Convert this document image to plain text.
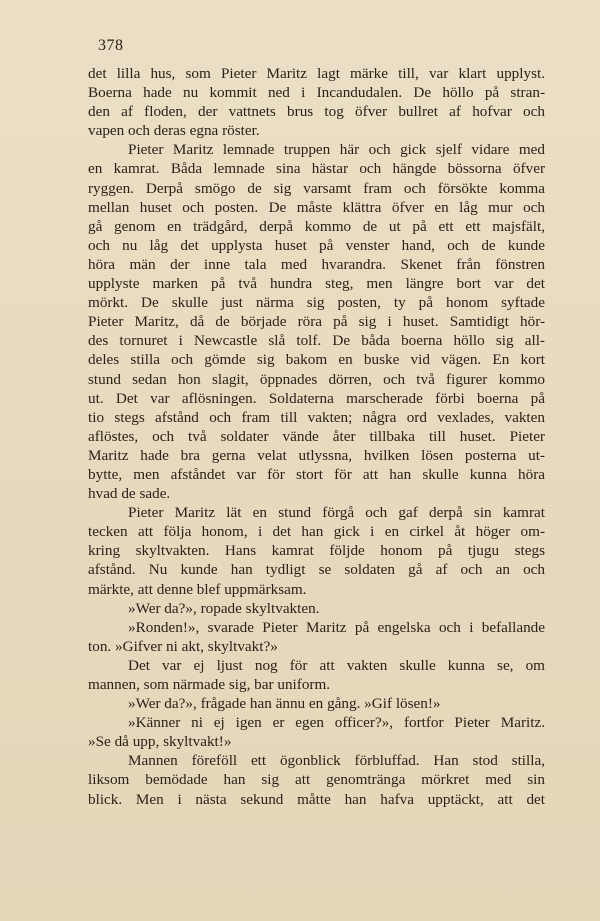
378
det lilla hus, som Pieter Maritz lagt märke till, var klart upplyst.
Boerna hade nu kommit ned i Incandudalen. De höllo på stran-
den af floden, der vattnets brus tog öfver bullret af hofvar och
vapen och deras egna röster.
Pieter Maritz lemnade truppen här och gick sjelf vidare med
en kamrat. Båda lemnade sina hästar och hängde bössorna öfver
ryggen. Derpå smögo de sig varsamt fram och försökte komma
mellan huset och posten. De måste klättra öfver en låg mur och
gå genom en trädgård, derpå kommo de ut på ett ett majsfält,
och nu låg det upplysta huset på venster hand, och de kunde
höra män der inne tala med hvarandra. Skenet från fönstren
upplyste marken på två hundra steg, men längre bort var det
mörkt. De skulle just närma sig posten, ty på honom syftade
Pieter Maritz, då de började röra på sig i huset. Samtidigt hör-
des tornuret i Newcastle slå tolf. De båda boerna höllo sig all-
deles stilla och gömde sig bakom en buske vid vägen. En kort
stund sedan hon slagit, öppnades dörren, och två figurer kommo
ut. Det var aflösningen. Soldaterna marscherade förbi boerna på
tio stegs afstånd och fram till vakten; några ord vexlades, vakten
aflöstes, och två soldater vände åter tillbaka till huset. Pieter
Maritz hade bra gerna velat utlyssna, hvilken lösen posterna ut-
bytte, men afståndet var för stort för att han skulle kunna höra
hvad de sade.
Pieter Maritz lät en stund förgå och gaf derpå sin kamrat
tecken att följa honom, i det han gick i en cirkel åt höger om-
kring skyltvakten. Hans kamrat följde honom på tjugu stegs
afstånd. Nu kunde han tydligt se soldaten gå af och an och
märkte, att denne blef uppmärksam.
»Wer da?», ropade skyltvakten.
»Ronden!», svarade Pieter Maritz på engelska och i befallande
ton. »Gifver ni akt, skyltvakt?»
Det var ej ljust nog för att vakten skulle kunna se, om
mannen, som närmade sig, bar uniform.
»Wer da?», frågade han ännu en gång. »Gif lösen!»
»Känner ni ej igen er egen officer?», fortfor Pieter Maritz.
»Se då upp, skyltvakt!»
Mannen föreföll ett ögonblick förbluffad. Han stod stilla,
liksom bemödade han sig att genomtränga mörkret med sin
blick. Men i nästa sekund måtte han hafva upptäckt, att det
